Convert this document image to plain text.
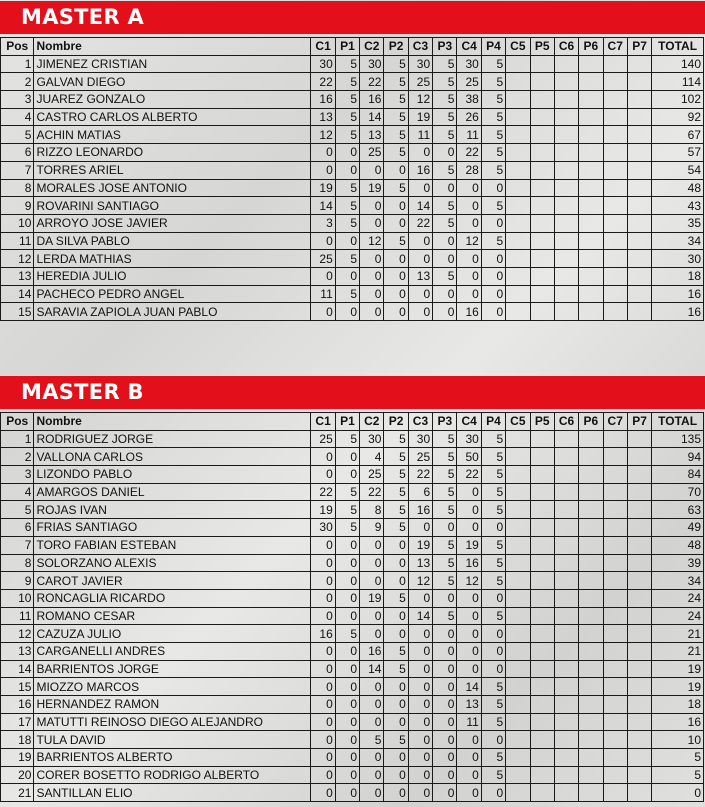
MASTER A
Pos	Nombre	C1	P1	C2	P2	C3	P3	C4	P4	C5	P5	C6	P6	C7	P7	TOTAL
1	JIMENEZ CRISTIAN	30	5	30	5	30	5	30	5							140
2	GALVAN DIEGO	22	5	22	5	25	5	25	5							114
3	JUAREZ GONZALO	16	5	16	5	12	5	38	5							102
4	CASTRO CARLOS ALBERTO	13	5	14	5	19	5	26	5							92
5	ACHIN MATIAS	12	5	13	5	11	5	11	5							67
6	RIZZO LEONARDO	0	0	25	5	0	0	22	5							57
7	TORRES ARIEL	0	0	0	0	16	5	28	5							54
8	MORALES JOSE ANTONIO	19	5	19	5	0	0	0	0							48
9	ROVARINI SANTIAGO	14	5	0	0	14	5	0	5							43
10	ARROYO JOSE JAVIER	3	5	0	0	22	5	0	0							35
11	DA SILVA PABLO	0	0	12	5	0	0	12	5							34
12	LERDA MATHIAS	25	5	0	0	0	0	0	0							30
13	HEREDIA JULIO	0	0	0	0	13	5	0	0							18
14	PACHECO PEDRO ANGEL	11	5	0	0	0	0	0	0							16
15	SARAVIA ZAPIOLA JUAN PABLO	0	0	0	0	0	0	16	0							16
MASTER B
Pos	Nombre	C1	P1	C2	P2	C3	P3	C4	P4	C5	P5	C6	P6	C7	P7	TOTAL
1	RODRIGUEZ JORGE	25	5	30	5	30	5	30	5							135
2	VALLONA CARLOS	0	0	4	5	25	5	50	5							94
3	LIZONDO PABLO	0	0	25	5	22	5	22	5							84
4	AMARGOS DANIEL	22	5	22	5	6	5	0	5							70
5	ROJAS IVAN	19	5	8	5	16	5	0	5							63
6	FRIAS SANTIAGO	30	5	9	5	0	0	0	0							49
7	TORO FABIAN ESTEBAN	0	0	0	0	19	5	19	5							48
8	SOLORZANO ALEXIS	0	0	0	0	13	5	16	5							39
9	CAROT JAVIER	0	0	0	0	12	5	12	5							34
10	RONCAGLIA RICARDO	0	0	19	5	0	0	0	0							24
11	ROMANO CESAR	0	0	0	0	14	5	0	5							24
12	CAZUZA JULIO	16	5	0	0	0	0	0	0							21
13	CARGANELLI ANDRES	0	0	16	5	0	0	0	0							21
14	BARRIENTOS JORGE	0	0	14	5	0	0	0	0							19
15	MIOZZO MARCOS	0	0	0	0	0	0	14	5							19
16	HERNANDEZ RAMON	0	0	0	0	0	0	13	5							18
17	MATUTTI REINOSO DIEGO ALEJANDRO	0	0	0	0	0	0	11	5							16
18	TULA DAVID	0	0	5	5	0	0	0	0							10
19	BARRIENTOS ALBERTO	0	0	0	0	0	0	0	5							5
20	CORER BOSETTO RODRIGO ALBERTO	0	0	0	0	0	0	0	5							5
21	SANTILLAN ELIO	0	0	0	0	0	0	0	0							0
